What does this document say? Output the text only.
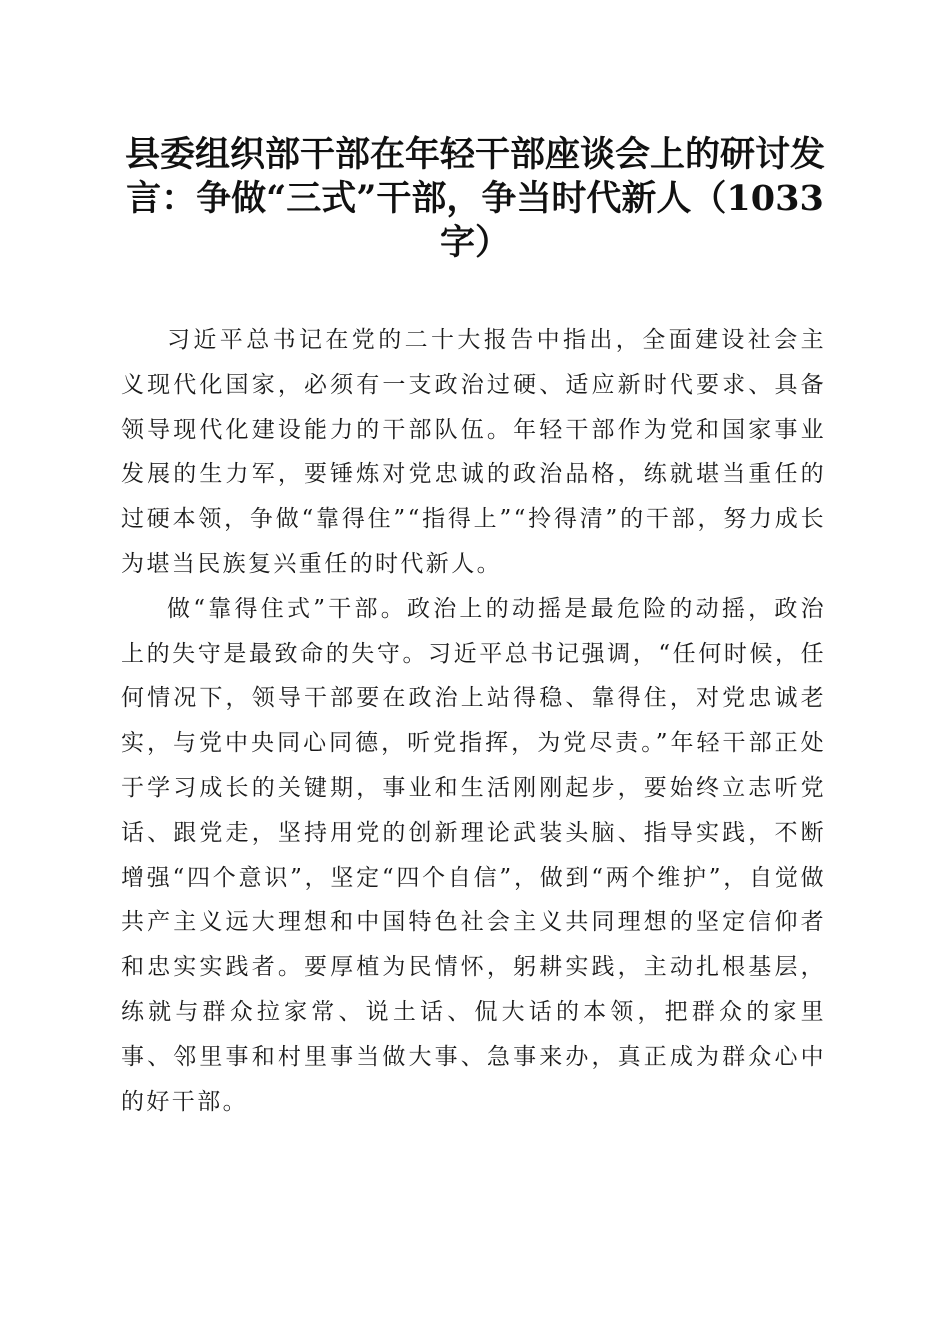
县委组织部干部在年轻干部座谈会上的研讨发言：争做“三式”干部，争当时代新人（1033字）

习近平总书记在党的二十大报告中指出，全面建设社会主义现代化国家，必须有一支政治过硬、适应新时代要求、具备领导现代化建设能力的干部队伍。年轻干部作为党和国家事业发展的生力军，要锤炼对党忠诚的政治品格，练就堪当重任的过硬本领，争做“靠得住”“指得上”“拎得清”的干部，努力成长为堪当民族复兴重任的时代新人。

做“靠得住式”干部。政治上的动摇是最危险的动摇，政治上的失守是最致命的失守。习近平总书记强调，“任何时候，任何情况下，领导干部要在政治上站得稳、靠得住，对党忠诚老实，与党中央同心同德，听党指挥，为党尽责。”年轻干部正处于学习成长的关键期，事业和生活刚刚起步，要始终立志听党话、跟党走，坚持用党的创新理论武装头脑、指导实践，不断增强“四个意识”，坚定“四个自信”，做到“两个维护”，自觉做共产主义远大理想和中国特色社会主义共同理想的坚定信仰者和忠实实践者。要厚植为民情怀，躬耕实践，主动扎根基层，练就与群众拉家常、说土话、侃大话的本领，把群众的家里事、邻里事和村里事当做大事、急事来办，真正成为群众心中的好干部。
